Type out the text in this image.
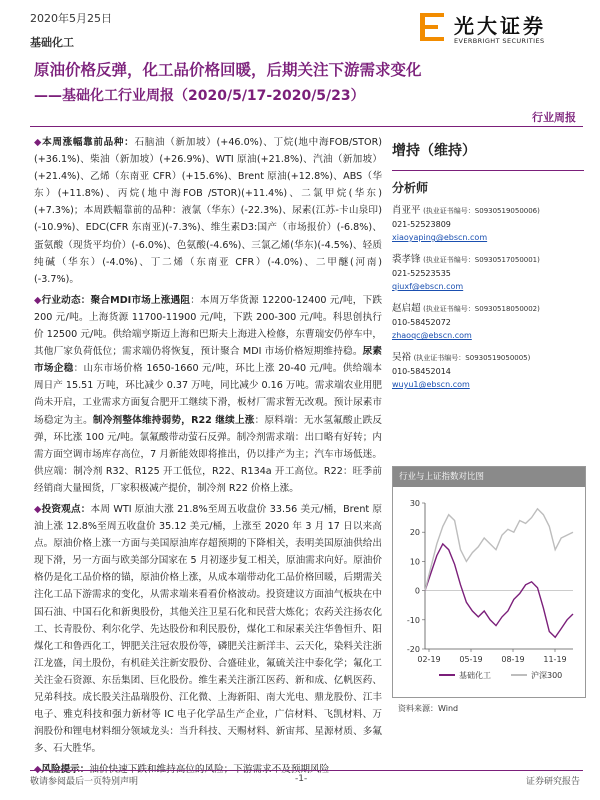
2020年5月25日
基础化工
光大证券
EVERBRIGHT SECURITIES
原油价格反弹，化工品价格回暖，后期关注下游需求变化
——基础化工行业周报（2020/5/17-2020/5/23）
行业周报

◆本周涨幅靠前品种：石脑油（新加坡）(+46.0%)、丁烷(地中海FOB/STOR)(+36.1%)、柴油（新加坡）(+26.9%)、WTI 原油(+21.8%)、汽油（新加坡）(+21.4%)、乙烯（东南亚 CFR）(+15.6%)、Brent 原油(+12.8%)、ABS（华东）(+11.8%)、丙烷(地中海FOB /STOR)(+11.4%)、二氯甲烷(华东) (+7.3%)；本周跌幅靠前的品种：液氯（华东）(-22.3%)、尿素(江苏-卡山泉印)(-10.9%)、EDC(CFR 东南亚)(-7.3%)、维生素D3:国产（市场报价）(-6.8%)、蛋氨酸（现货平均价）(-6.0%)、色氨酸(-4.6%)、三氯乙烯(华东)(-4.5%)、轻质纯碱（华东）(-4.0%)、丁二烯（东南亚 CFR）(-4.0%)、二甲醚(河南) (-3.7%)。

◆行业动态：聚合MDI市场上涨遇阻：本周万华货源 12200-12400 元/吨，下跌 200 元/吨。上海货源 11700-11900 元/吨，下跌 200-300 元/吨。科思创执行价 12500 元/吨。供给端亨斯迈上海和巴斯夫上海进入检修，东曹瑞安仍停车中，其他厂家负荷低位；需求端仍将恢复，预计聚合 MDI 市场价格短期维持稳。尿素市场企稳：山东市场价格 1650-1660 元/吨，环比上涨 20-40 元/吨。供给端本周日产 15.51 万吨，环比减少 0.37 万吨，同比减少 0.16 万吨。需求端农业用肥尚未开启，工业需求方面复合肥开工继续下滑，板材厂需求暂无改观。预计尿素市场稳定为主。制冷剂整体维持弱势，R22 继续上涨：原料端：无水氢氟酸止跌反弹，环比涨 100 元/吨。氯氟酸带动萤石反弹。制冷剂需求端：出口略有好转；内需方面空调市场库存高位，7 月新能效即将推出，仍以排产为主；汽车市场低迷。供应端：制冷剂 R32、R125 开工低位，R22、R134a 开工高位。R22：旺季前经销商大量囤货，厂家积极减产提价，制冷剂 R22 价格上涨。

◆投资观点：本周 WTI 原油大涨 21.8%至周五收盘价 33.56 美元/桶，Brent 原油上涨 12.8%至周五收盘价 35.12 美元/桶，上涨至 2020 年 3 月 17 日以来高点。原油价格上涨一方面与美国原油库存超预期的下降相关，表明美国原油供给出现下滑，另一方面与欧美部分国家在 5 月初逐步复工相关，原油需求向好。原油价格仍是化工品价格的锚，原油价格上涨，从成本端带动化工品价格回暖，后期需关注化工品下游需求的变化，从需求端来看看价格波动。投资建议方面油气板块在中国石油、中国石化和新奥股份，其他关注卫星石化和民营大炼化；农药关注扬农化工、长青股份、利尔化学、先达股份和利民股份，煤化工和尿素关注华鲁恒升、阳煤化工和鲁西化工，钾肥关注冠农股份等，磷肥关注新洋丰、云天化，染料关注浙江龙盛，闰土股份，有机硅关注新安股份、合盛硅业，氟硫关注中泰化学；氟化工关注金石资源、东岳集团、巨化股份。维生素关注浙江医药、新和成、亿帆医药、兄弟科技。成长股关注晶瑞股份、江化微、上海新阳、南大光电、鼎龙股份、江丰电子、雅克科技和强力新材等 IC 电子化学品生产企业，广信材料、飞凯材料、万润股份和锂电材料细分领域龙头：当升科技、天赐材料、新宙邦、星源材质、多氟多、石大胜华。

增持（维持）
分析师
肖亚平 (执业证书编号：S0930519050006)
021-52523809
xiaoyaping@ebscn.com
裘孝锋 (执业证书编号：S0930517050001)
021-52523535
qiuxf@ebscn.com
赵启超 (执业证书编号：S0930518050002)
010-58452072
zhaoqc@ebscn.com
吴裕 (执业证书编号：S0930519050005)
010-58452014
wuyu1@ebscn.com
行业与上证指数对比图
-20
-10
0
10
20
30
02-19 05-19 08-19 11-19
基础化工	沪深300
资料来源：Wind
敬请参阅最后一页特别声明	-1-	证券研究报告
